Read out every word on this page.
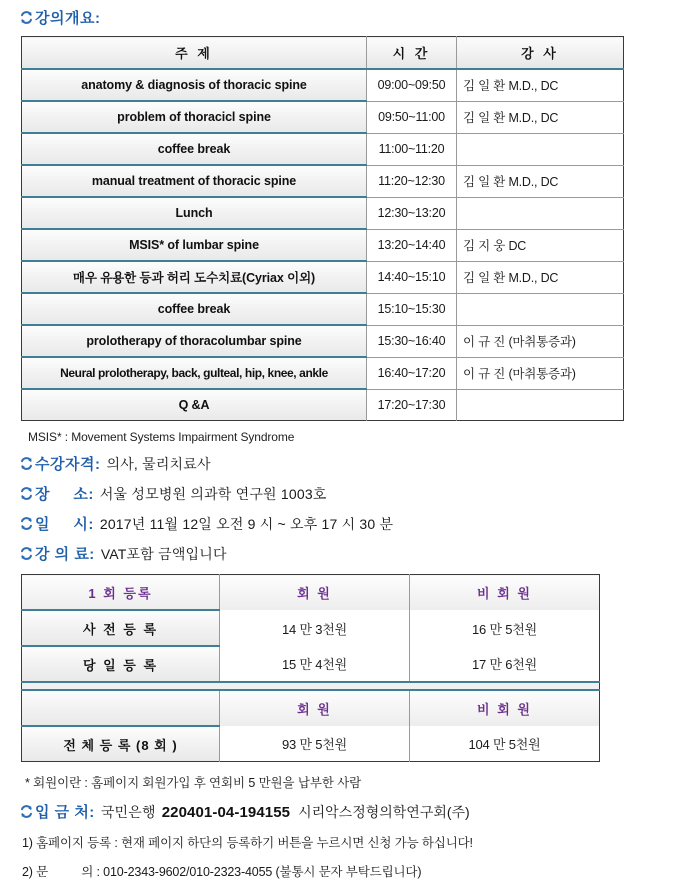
강의개요:
주 제	시 간	강 사
anatomy & diagnosis of thoracic spine	09:00~09:50	김 일 환 M.D., DC
problem of thoracicl spine	09:50~11:00	김 일 환 M.D., DC
coffee break	11:00~11:20	
manual treatment of thoracic spine	11:20~12:30	김 일 환 M.D., DC
Lunch	12:30~13:20	
MSIS* of lumbar spine	13:20~14:40	김 지 웅 DC
매우 유용한 등과 허리 도수치료(Cyriax 이외)	14:40~15:10	김 일 환 M.D., DC
coffee break	15:10~15:30	
prolotherapy of thoracolumbar spine	15:30~16:40	이 규 진 (마취통증과)
Neural prolotherapy, back, gulteal, hip, knee, ankle	16:40~17:20	이 규 진 (마취통증과)
Q &A	17:20~17:30	
MSIS* : Movement Systems Impairment Syndrome
수강자격: 의사, 물리치료사
장     소: 서울 성모병원 의과학 연구원 1003호
일     시: 2017년 11월 12일 오전 9 시 ~ 오후 17 시 30 분
강 의 료: VAT포함 금액입니다
1 회 등록	회 원	비 회 원
사 전 등 록	14 만 3천원	16 만 5천원
당 일 등 록	15 만 4천원	17 만 6천원

	회 원	비 회 원
전 체 등 록 (8 회 )	93 만 5천원	104 만 5천원
* 회원이란 : 홈페이지 회원가입 후 연회비 5 만원을 납부한 사람
입 금 처: 국민은행 220401-04-194155 시리악스정형의학연구회(주)
1) 홈페이지 등록 : 현재 페이지 하단의 등록하기 버튼을 누르시면 신청 가능 하십니다!
2) 문          의 : 010-2343-9602/010-2323-4055 (불통시 문자 부탁드립니다)
